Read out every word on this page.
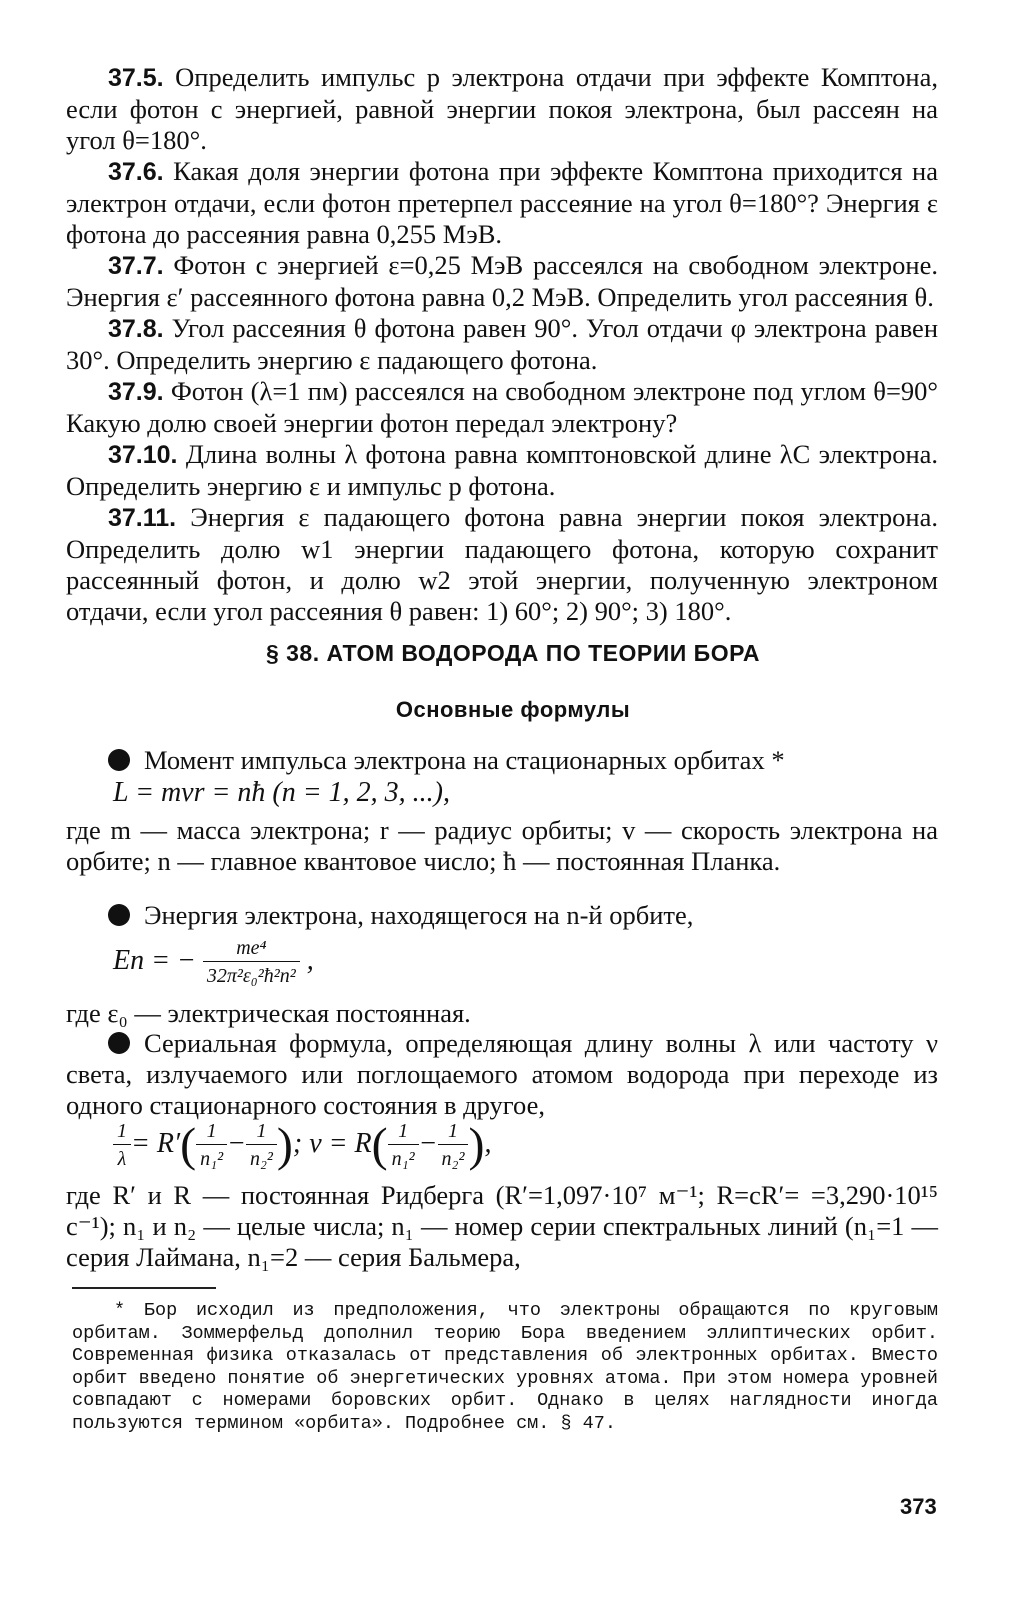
37.5. Определить импульс p электрона отдачи при эффекте Комптона, если фотон с энергией, равной энергии покоя электрона, был рассеян на угол θ=180°.

37.6. Какая доля энергии фотона при эффекте Комптона приходится на электрон отдачи, если фотон претерпел рассеяние на угол θ=180°? Энергия ε фотона до рассеяния равна 0,255 МэВ.

37.7. Фотон с энергией ε=0,25 МэВ рассеялся на свободном электроне. Энергия ε′ рассеянного фотона равна 0,2 МэВ. Определить угол рассеяния θ.

37.8. Угол рассеяния θ фотона равен 90°. Угол отдачи φ электрона равен 30°. Определить энергию ε падающего фотона.

37.9. Фотон (λ=1 пм) рассеялся на свободном электроне под углом θ=90° Какую долю своей энергии фотон передал электрону?

37.10. Длина волны λ фотона равна комптоновской длине λC электрона. Определить энергию ε и импульс p фотона.

37.11. Энергия ε падающего фотона равна энергии покоя электрона. Определить долю w1 энергии падающего фотона, которую сохранит рассеянный фотон, и долю w2 этой энергии, полученную электроном отдачи, если угол рассеяния θ равен: 1) 60°; 2) 90°; 3) 180°.

§ 38. АТОМ ВОДОРОДА ПО ТЕОРИИ БОРА
Основные формулы

Момент импульса электрона на стационарных орбитах *

L = mvr = nħ (n = 1, 2, 3, ...),

где m — масса электрона; r — радиус орбиты; v — скорость электрона на орбите; n — главное квантовое число; ħ — постоянная Планка.

Энергия электрона, находящегося на n-й орбите,

En = − $\frac{\text{me⁴}}{\text{32π²ε₀²ħ²n²}}$ ,

где ε₀ — электрическая постоянная.

Сериальная формула, определяющая длину волны λ или частоту ν света, излучаемого или поглощаемого атомом водорода при переходе из одного стационарного состояния в другое,

$\frac{1}{\lambda} = R'( \frac{1}{\text{n₁²}} - \frac{1}{\text{n₂²}}$ ); $\nu = R( \frac{1}{\text{n₁²}} - \frac{1}{\text{n₂²}}$ ),

где R′ и R — постоянная Ридберга (R′=1,097·10⁷ м⁻¹; R=cR′= =3,290·10¹⁵ с⁻¹); n₁ и n₂ — целые числа; n₁ — номер серии спектральных линий (n₁=1 — серия Лаймана, n₁=2 — серия Бальмера,

* Бор исходил из предположения, что электроны обращаются по круговым орбитам. Зоммерфельд дополнил теорию Бора введением эллиптических орбит. Современная физика отказалась от представления об электронных орбитах. Вместо орбит введено понятие об энергетических уровнях атома. При этом номера уровней совпадают с номерами боровских орбит. Однако в целях наглядности иногда пользуются термином «орбита». Подробнее см. § 47.

373
